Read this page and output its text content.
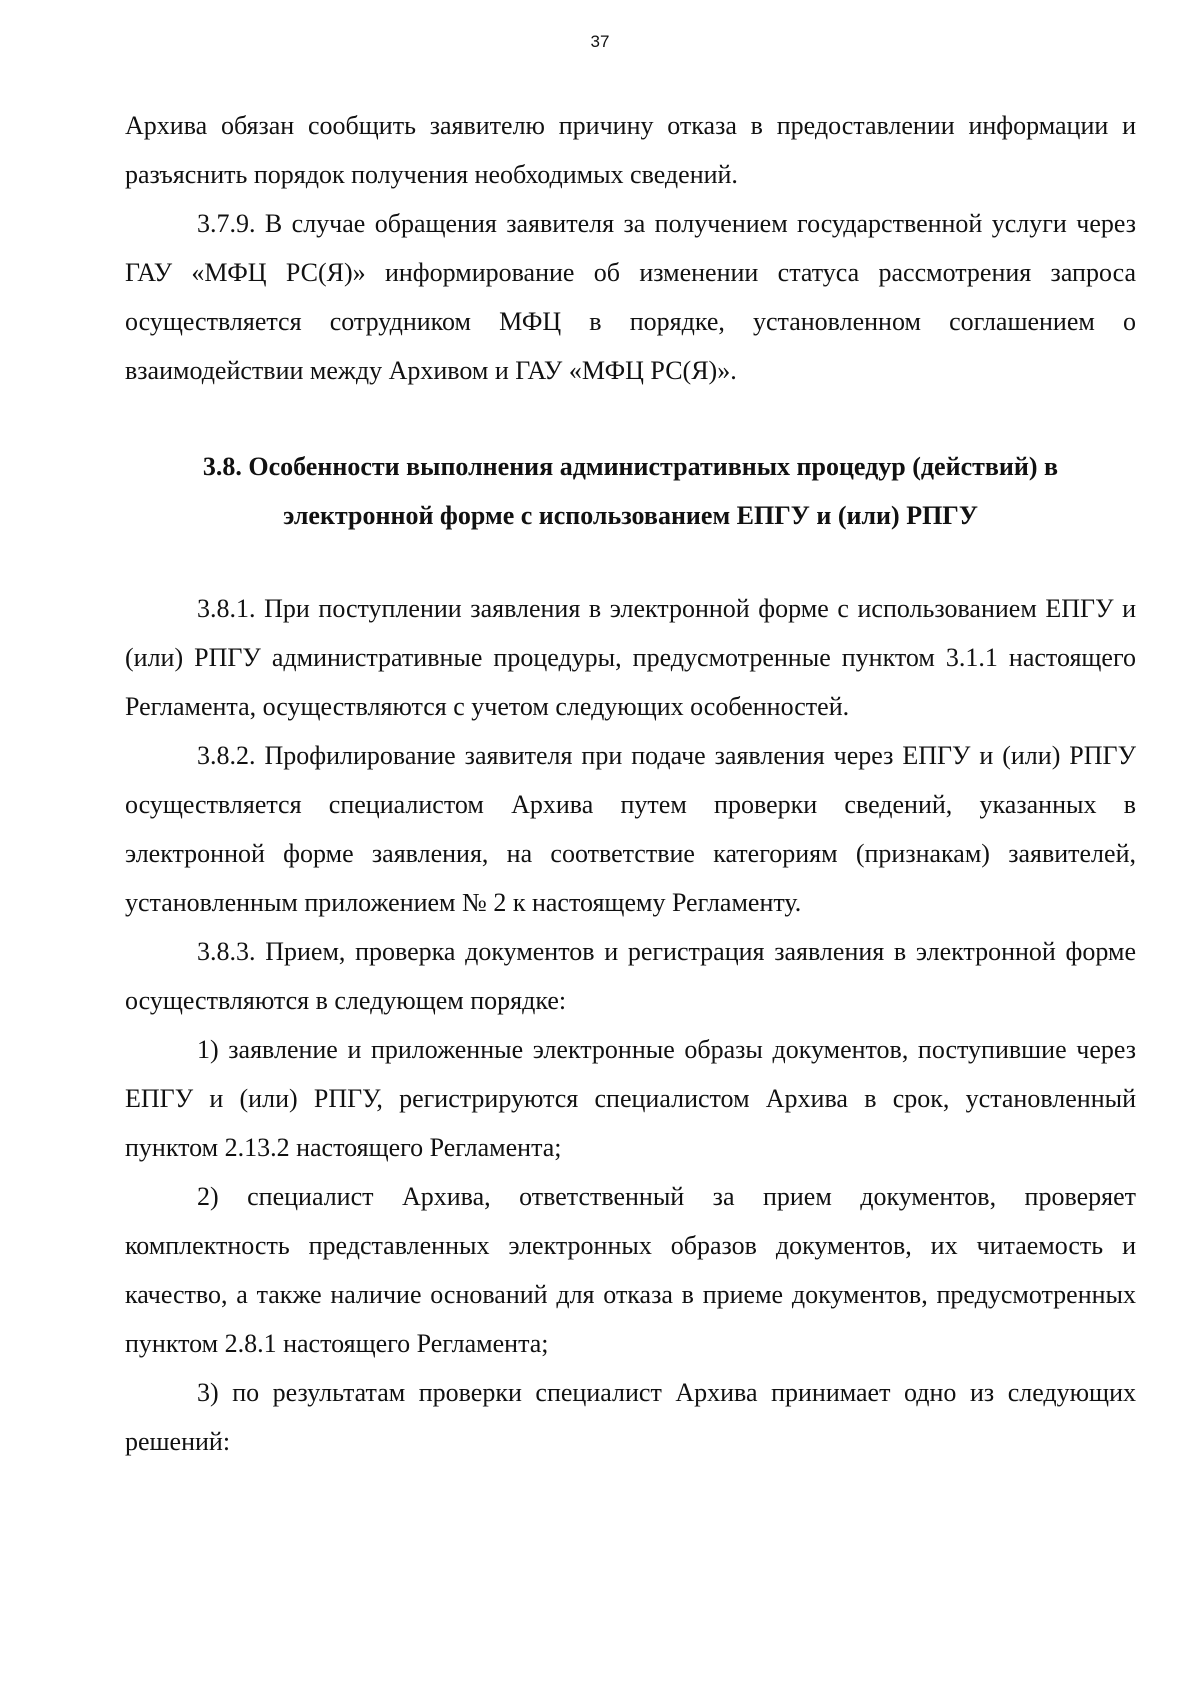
37

Архива обязан сообщить заявителю причину отказа в предоставлении информации и разъяснить порядок получения необходимых сведений.

3.7.9. В случае обращения заявителя за получением государственной услуги через ГАУ «МФЦ РС(Я)» информирование об изменении статуса рассмотрения запроса осуществляется сотрудником МФЦ в порядке, установленном соглашением о взаимодействии между Архивом и ГАУ «МФЦ РС(Я)».

3.8. Особенности выполнения административных процедур (действий) в электронной форме с использованием ЕПГУ и (или) РПГУ

3.8.1. При поступлении заявления в электронной форме с использованием ЕПГУ и (или) РПГУ административные процедуры, предусмотренные пунктом 3.1.1 настоящего Регламента, осуществляются с учетом следующих особенностей.

3.8.2. Профилирование заявителя при подаче заявления через ЕПГУ и (или) РПГУ осуществляется специалистом Архива путем проверки сведений, указанных в электронной форме заявления, на соответствие категориям (признакам) заявителей, установленным приложением № 2 к настоящему Регламенту.

3.8.3. Прием, проверка документов и регистрация заявления в электронной форме осуществляются в следующем порядке:

1) заявление и приложенные электронные образы документов, поступившие через ЕПГУ и (или) РПГУ, регистрируются специалистом Архива в срок, установленный пунктом 2.13.2 настоящего Регламента;

2) специалист Архива, ответственный за прием документов, проверяет комплектность представленных электронных образов документов, их читаемость и качество, а также наличие оснований для отказа в приеме документов, предусмотренных пунктом 2.8.1 настоящего Регламента;

3) по результатам проверки специалист Архива принимает одно из следующих решений:
